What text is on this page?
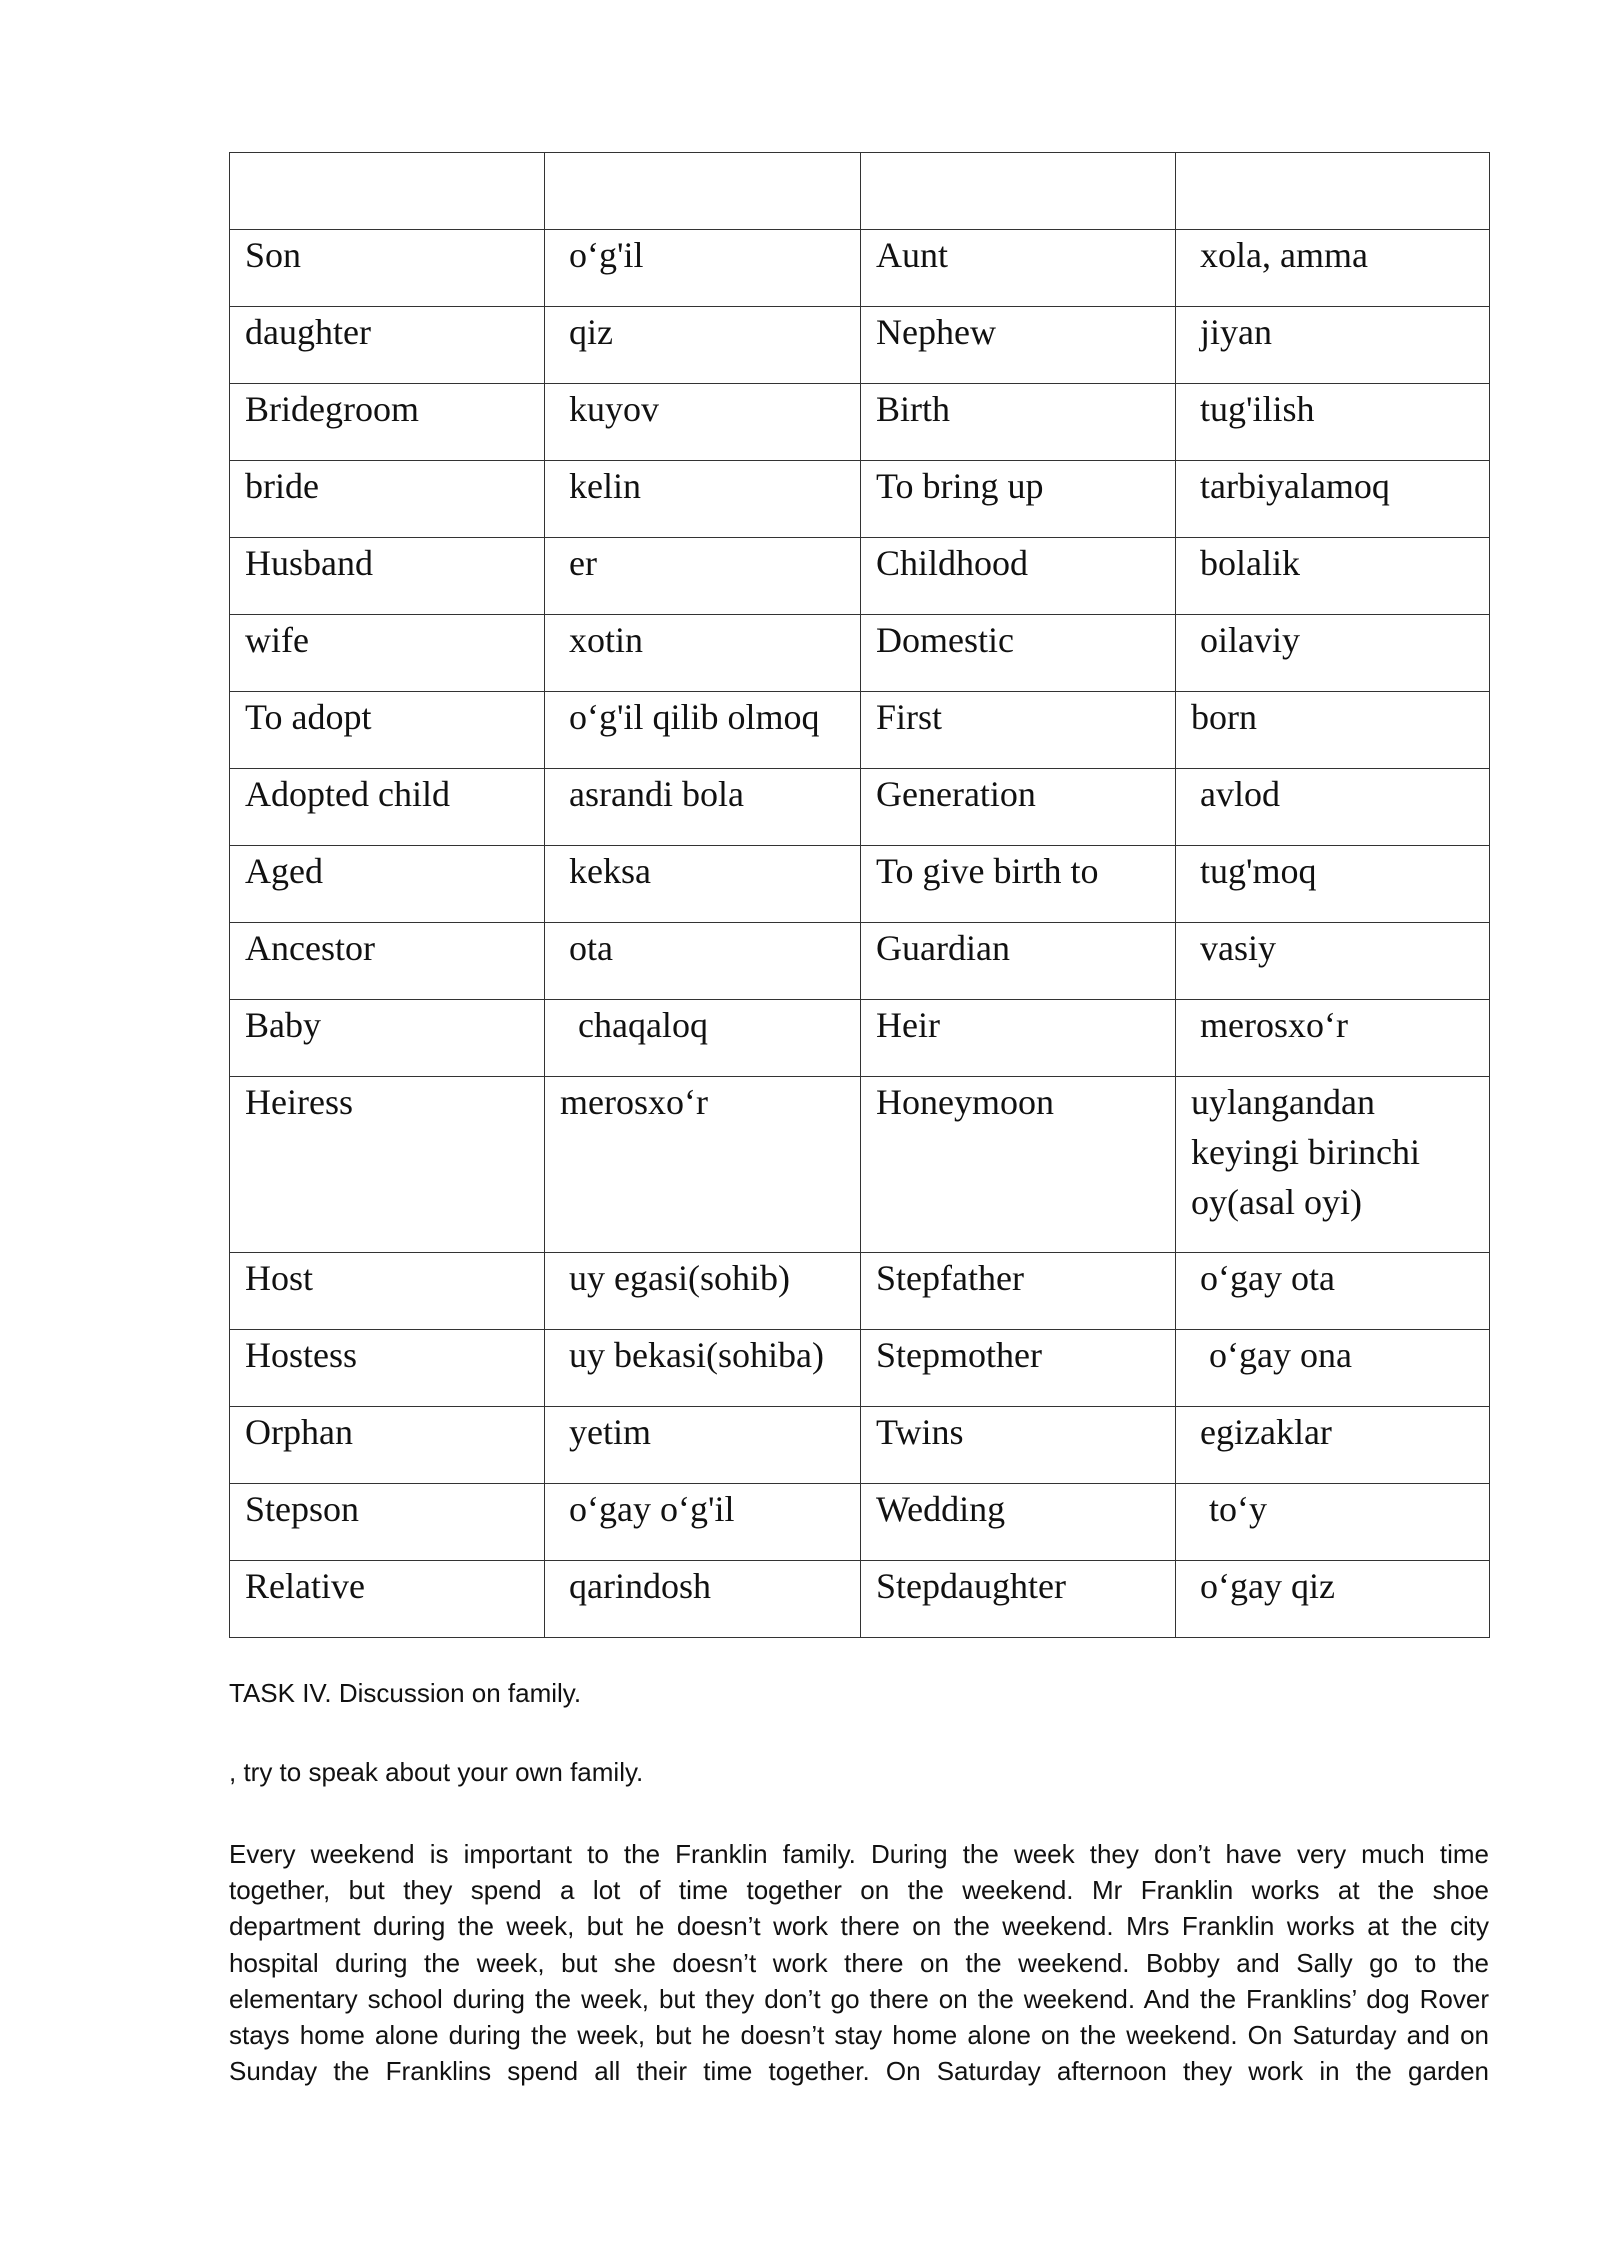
Son	o‘g'il	Aunt	xola, amma
daughter	qiz	Nephew	jiyan
Bridegroom	kuyov	Birth	tug'ilish
bride	kelin	To bring up	tarbiyalamoq
Husband	er	Childhood	bolalik
wife	xotin	Domestic	oilaviy
To adopt	o‘g'il qilib olmoq	First	born
Adopted child	asrandi bola	Generation	avlod
Aged	keksa	To give birth to	tug'moq
Ancestor	ota	Guardian	vasiy
Baby	chaqaloq	Heir	merosxo‘r
Heiress	merosxo‘r	Honeymoon	uylangandan keyingi birinchi oy(asal oyi)
Host	uy egasi(sohib)	Stepfather	o‘gay ota
Hostess	uy bekasi(sohiba)	Stepmother	o‘gay ona
Orphan	yetim	Twins	egizaklar
Stepson	o‘gay o‘g'il	Wedding	to‘y
Relative	qarindosh	Stepdaughter	o‘gay qiz
TASK IV. Discussion on family.
, try to speak about your own family.
Every weekend is important to the Franklin family. During the week they don’t have very much time
together, but they spend a lot of time together on the weekend. Mr Franklin works at the shoe
department during the week, but he doesn’t work there on the weekend. Mrs Franklin works at the city
hospital during the week, but she doesn’t work there on the weekend. Bobby and Sally go to the
elementary school during the week, but they don’t go there on the weekend. And the Franklins’ dog Rover
stays home alone during the week, but he doesn’t stay home alone on the weekend. On Saturday and on
Sunday the Franklins spend all their time together. On Saturday afternoon they work in the garden
